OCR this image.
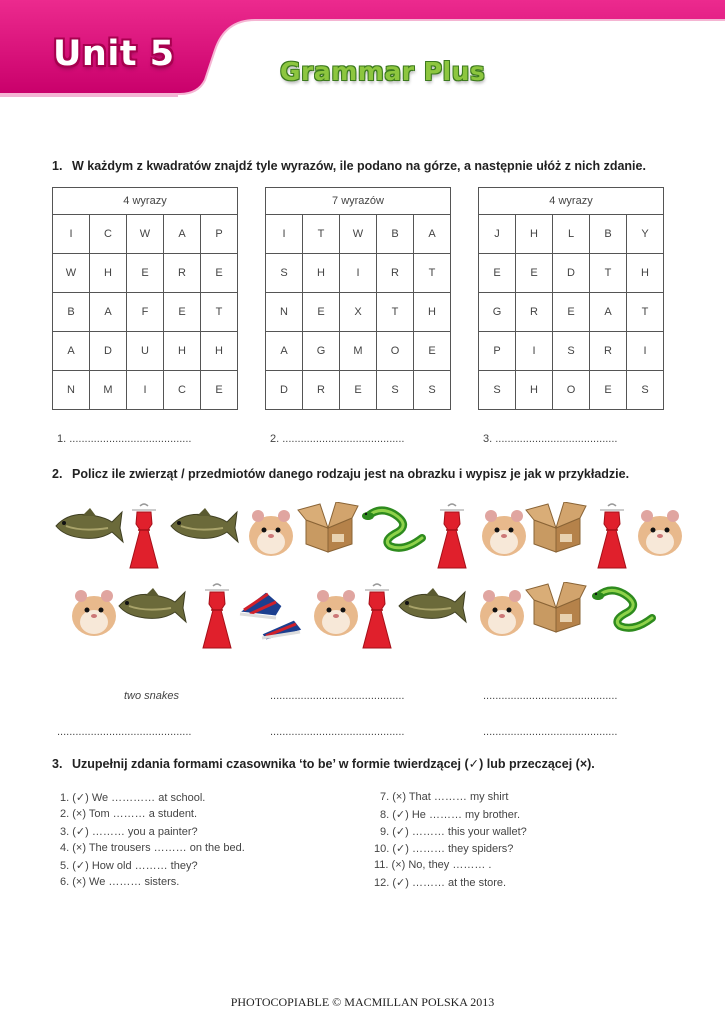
Unit 5	Grammar Plus
1. W każdym z kwadratów znajdź tyle wyrazów, ile podano na górze, a następnie ułóż z nich zdanie.
4 wyrazy				
I	C	W	A	P
W	H	E	R	E
B	A	F	E	T
A	D	U	H	H
N	M	I	C	E
7 wyrazów				
I	T	W	B	A
S	H	I	R	T
N	E	X	T	H
A	G	M	O	E
D	R	E	S	S
4 wyrazy				
J	H	L	B	Y
E	E	D	T	H
G	R	E	A	T
P	I	S	R	I
S	H	O	E	S
1. ........................................	2. ........................................	3. ........................................
2. Policz ile zwierząt / przedmiotów danego rodzaju jest na obrazku i wypisz je jak w przykładzie.
two snakes	............................................	............................................
............................................	............................................	............................................
3. Uzupełnij zdania formami czasownika ‘to be’ w formie twierdzącej (✓) lub przeczącej (×).
1. (✓) We ………… at school.
2. (×) Tom ……… a student.
3. (✓) ……… you a painter?
4. (×) The trousers ……… on the bed.
5. (✓) How old ……… they?
6. (×) We ……… sisters.
7. (×) That ……… my shirt
8. (✓) He ……… my brother.
9. (✓) ……… this your wallet?
10. (✓) ……… they spiders?
11. (×) No, they ……… .
12. (✓) ……… at the store.
PHOTOCOPIABLE © MACMILLAN POLSKA 2013
